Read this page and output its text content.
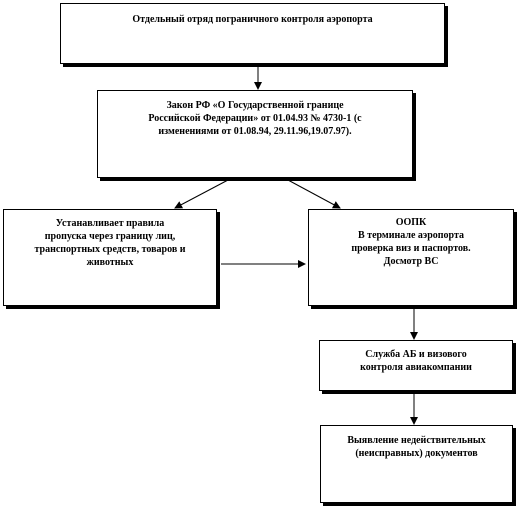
Отдельный отряд пограничного контроля аэропорта
Закон РФ «О Государственной границе
Российской Федерации» от 01.04.93 № 4730-1 (с
изменениями от 01.08.94, 29.11.96,19.07.97).
Устанавливает правила
пропуска через границу лиц,
транспортных средств, товаров и
животных
ООПК
В терминале аэропорта
проверка виз и паспортов.
Досмотр ВС
Служба АБ и визового
контроля авиакомпании
Выявление недействительных
(неисправных) документов
